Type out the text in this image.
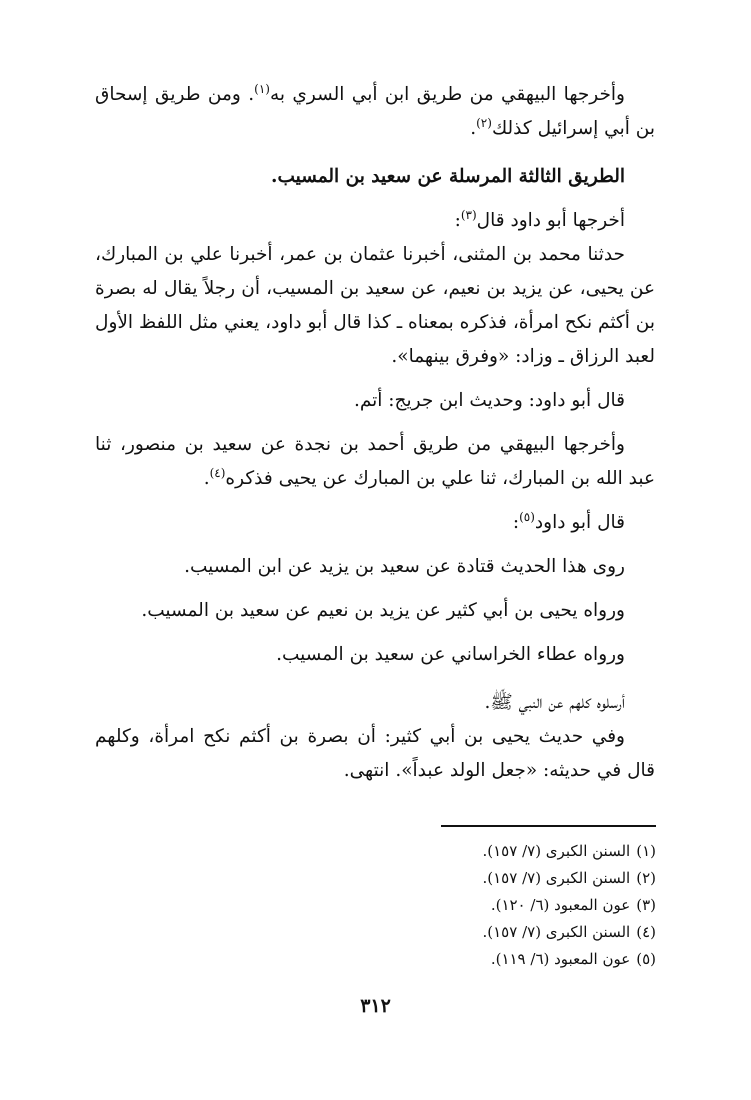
وأخرجها البيهقي من طريق ابن أبي السري به$^{(١)}$. ومن طريق إسحاق بن أبي إسرائيل كذلك$^{(٢)}$.

الطريق الثالثة المرسلة عن سعيد بن المسيب.

أخرجها أبو داود قال$^{(٣)}$:

حدثنا محمد بن المثنى، أخبرنا عثمان بن عمر، أخبرنا علي بن المبارك، عن يحيى، عن يزيد بن نعيم، عن سعيد بن المسيب، أن رجلاً يقال له بصرة بن أكثم نكح امرأة، فذكره بمعناه ـ كذا قال أبو داود، يعني مثل اللفظ الأول لعبد الرزاق ـ وزاد: «وفرق بينهما».

قال أبو داود: وحديث ابن جريج: أتم.

وأخرجها البيهقي من طريق أحمد بن نجدة عن سعيد بن منصور، ثنا عبد الله بن المبارك، ثنا علي بن المبارك عن يحيى فذكره$^{(٤)}$.

قال أبو داود$^{(٥)}$:

روى هذا الحديث قتادة عن سعيد بن يزيد عن ابن المسيب.

ورواه يحيى بن أبي كثير عن يزيد بن نعيم عن سعيد بن المسيب.

ورواه عطاء الخراساني عن سعيد بن المسيب.

أرسلوه كلهم عن النبي ﷺ.

وفي حديث يحيى بن أبي كثير: أن بصرة بن أكثم نكح امرأة، وكلهم قال في حديثه: «جعل الولد عبداً». انتهى.

(١)السنن الكبرى (٧/ ١٥٧).

(٢)السنن الكبرى (٧/ ١٥٧).

(٣)عون المعبود (٦/ ١٢٠).

(٤)السنن الكبرى (٧/ ١٥٧).

(٥)عون المعبود (٦/ ١١٩).

٣١٢
